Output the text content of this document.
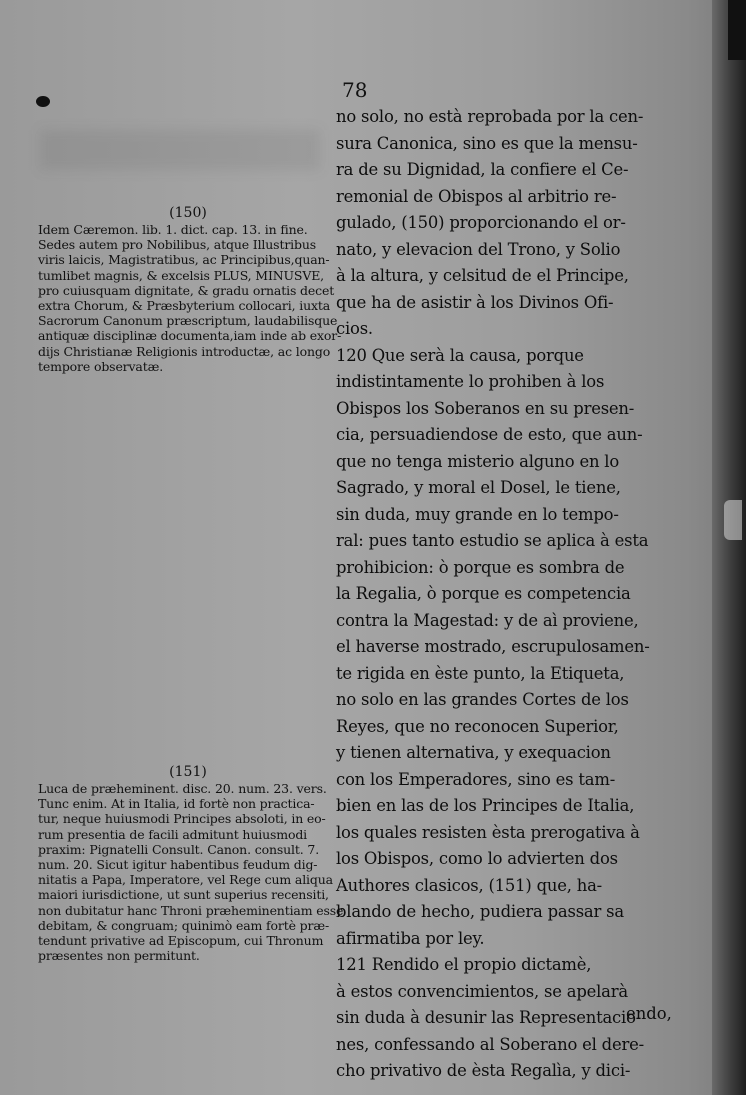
78
(150)
Idem Cæremon. lib. 1. dict. cap. 13. in fine.
Sedes autem pro Nobilibus, atque Illustribus
viris laicis, Magistratibus, ac Principibus,quan-
tumlibet magnis, & excelsis PLUS, MINUSVE,
pro cuiusquam dignitate, & gradu ornatis decet
extra Chorum, & Præsbyterium collocari, iuxta
Sacrorum Canonum præscriptum, laudabilisque
antiquæ disciplinæ documenta,iam inde ab exor-
dijs Christianæ Religionis introductæ, ac longo
tempore observatæ.
(151)
Luca de præheminent. disc. 20. num. 23. vers.
Tunc enim. At in Italia, id fortè non practica-
tur, neque huiusmodi Principes absoloti, in eo-
rum presentia de facili admitunt huiusmodi
praxim: Pignatelli Consult. Canon. consult. 7.
num. 20. Sicut igitur habentibus feudum dig-
nitatis a Papa, Imperatore, vel Rege cum aliqua
maiori iurisdictione, ut sunt superius recensiti,
non dubitatur hanc Throni præheminentiam esse
debitam, & congruam; quinimò eam fortè præ-
tendunt privative ad Episcopum, cui Thronum
præsentes non permitunt.
no solo, no està reprobada por la cen-
sura Canonica, sino es que la mensu-
ra de su Dignidad, la confiere el Ce-
remonial de Obispos al arbitrio re-
gulado, (150) proporcionando el or-
nato, y elevacion del Trono, y Solio
à la altura, y celsitud de el Principe,
que ha de asistir à los Divinos Ofi-
cios.
120 Que serà la causa, porque
indistintamente lo prohiben à los
Obispos los Soberanos en su presen-
cia, persuadiendose de esto, que aun-
que no tenga misterio alguno en lo
Sagrado, y moral el Dosel, le tiene,
sin duda, muy grande en lo tempo-
ral: pues tanto estudio se aplica à esta
prohibicion: ò porque es sombra de
la Regalia, ò porque es competencia
contra la Magestad: y de aì proviene,
el haverse mostrado, escrupulosamen-
te rigida en èste punto, la Etiqueta,
no solo en las grandes Cortes de los
Reyes, que no reconocen Superior,
y tienen alternativa, y exequacion
con los Emperadores, sino es tam-
bien en las de los Principes de Italia,
los quales resisten èsta prerogativa à
los Obispos, como lo advierten dos
Authores clasicos, (151) que, ha-
blando de hecho, pudiera passar sa
afirmatiba por ley.
121 Rendido el propio dictamè,
à estos convencimientos, se apelarà
sin duda à desunir las Representacio-
nes, confessando al Soberano el dere-
cho privativo de èsta Regalìa, y dici-
endo,
